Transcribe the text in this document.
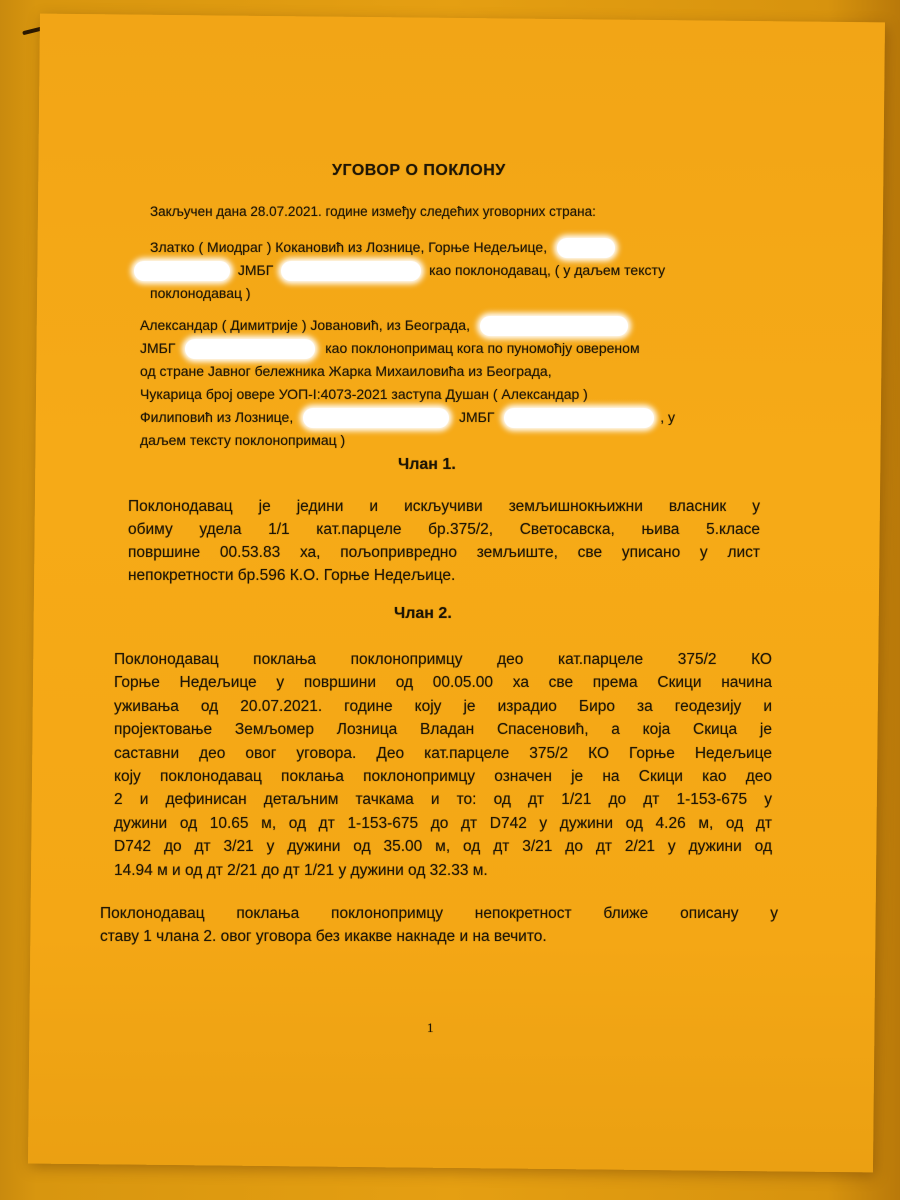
УГОВОР О ПОКЛОНУ

Закључен дана 28.07.2021. године између следећих уговорних страна:

Златко ( Миодраг ) Кокановић из Лознице, Горње Недељице,
ЈМБГ	као поклонодавац, ( у даљем тексту
поклонодавац )
Александар ( Димитрије ) Јовановић, из Београда,
ЈМБГ	као поклонопримац кога по пуномоћју овереном
од стране Јавног бележника Жарка Михаиловића из Београда,
Чукарица број овере УОП-I:4073-2021 заступа Душан ( Александар )
Филиповић из Лознице,	ЈМБГ	, у
даљем тексту поклонопримац )

Члан 1.

Поклонодавац је једини и искључиви земљишнокњижни власник у
обиму удела 1/1 кат.парцеле бр.375/2, Светосавска, њива 5.класе
површине 00.53.83 ха, пољопривредно земљиште, све уписано у лист
непокретности бр.596 К.О. Горње Недељице.

Члан 2.

Поклонодавац поклања поклонопримцу део кат.парцеле 375/2 КО
Горње Недељице у површини од 00.05.00 ха све према Скици начина
уживања од 20.07.2021. године коју је израдио Биро за геодезију и
пројектовање Земљомер Лозница Владан Спасеновић, а која Скица је
саставни део овог уговора. Део кат.парцеле 375/2 КО Горње Недељице
коју поклонодавац поклања поклонопримцу означен је на Скици као део
2 и дефинисан детаљним тачкама и то: од дт 1/21 до дт 1-153-675 у
дужини од 10.65 м, од дт 1-153-675 до дт D742 у дужини од 4.26 м, од дт
D742 до дт 3/21 у дужини од 35.00 м, од дт 3/21 до дт 2/21 у дужини од
14.94 м и од дт 2/21 до дт 1/21 у дужини од 32.33 м.
Поклонодавац поклања поклонопримцу непокретност ближе описану у
ставу 1 члана 2. овог уговора без икакве накнаде и на вечито.

1
